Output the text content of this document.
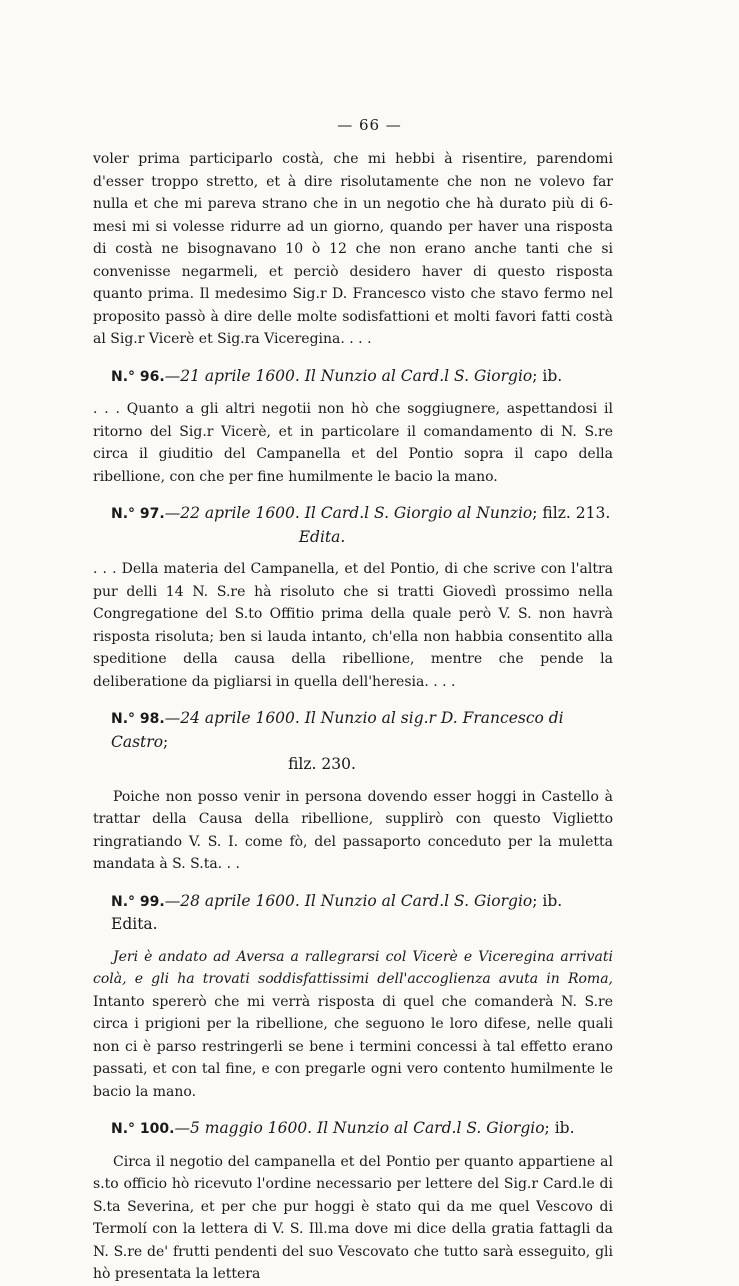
— 66 —

voler prima participarlo costà, che mi hebbi à risentire, parendomi d'esser troppo stretto, et à dire risolutamente che non ne volevo far nulla et che mi pareva strano che in un negotio che hà durato più di 6-mesi mi si volesse ridurre ad un giorno, quando per haver una risposta di costà ne bisognavano 10 ò 12 che non erano anche tanti che si convenisse negarmeli, et perciò desidero haver di questo risposta quanto prima. Il medesimo Sig.r D. Francesco visto che stavo fermo nel proposito passò à dire delle molte sodisfattioni et molti favori fatti costà al Sig.r Vicerè et Sig.ra Viceregina. . . .

N.° 96.—21 aprile 1600. Il Nunzio al Card.l S. Giorgio; ib.

. . . Quanto a gli altri negotii non hò che soggiugnere, aspettandosi il ritorno del Sig.r Vicerè, et in particolare il comandamento di N. S.re circa il giuditio del Campanella et del Pontio sopra il capo della ribellione, con che per fine humilmente le bacio la mano.

N.° 97.—22 aprile 1600. Il Card.l S. Giorgio al Nunzio; filz. 213.
Edita.

. . . Della materia del Campanella, et del Pontio, di che scrive con l'altra pur delli 14 N. S.re hà risoluto che si tratti Giovedì prossimo nella Congregatione del S.to Offitio prima della quale però V. S. non havrà risposta risoluta; ben si lauda intanto, ch'ella non habbia consentito alla speditione della causa della ribellione, mentre che pende la deliberatione da pigliarsi in quella dell'heresia. . . .

N.° 98.—24 aprile 1600. Il Nunzio al sig.r D. Francesco di Castro;
filz. 230.

Poiche non posso venir in persona dovendo esser hoggi in Castello à trattar della Causa della ribellione, supplirò con questo Viglietto ringratiando V. S. I. come fò, del passaporto conceduto per la muletta mandata à S. S.ta. . .

N.° 99.—28 aprile 1600. Il Nunzio al Card.l S. Giorgio; ib. Edita.

Jeri è andato ad Aversa a rallegrarsi col Vicerè e Viceregina arrivati colà, e gli ha trovati soddisfattissimi dell'accoglienza avuta in Roma, Intanto spererò che mi verrà risposta di quel che comanderà N. S.re circa i prigioni per la ribellione, che seguono le loro difese, nelle quali non ci è parso restringerli se bene i termini concessi à tal effetto erano passati, et con tal fine, e con pregarle ogni vero contento humilmente le bacio la mano.

N.° 100.—5 maggio 1600. Il Nunzio al Card.l S. Giorgio; ib.

Circa il negotio del campanella et del Pontio per quanto appartiene al s.to officio hò ricevuto l'ordine necessario per lettere del Sig.r Card.le di S.ta Severina, et per che pur hoggi è stato qui da me quel Vescovo di Termolí con la lettera di V. S. Ill.ma dove mi dice della gratia fattagli da N. S.re de' frutti pendenti del suo Vescovato che tutto sarà esseguito, gli hò presentata la lettera
